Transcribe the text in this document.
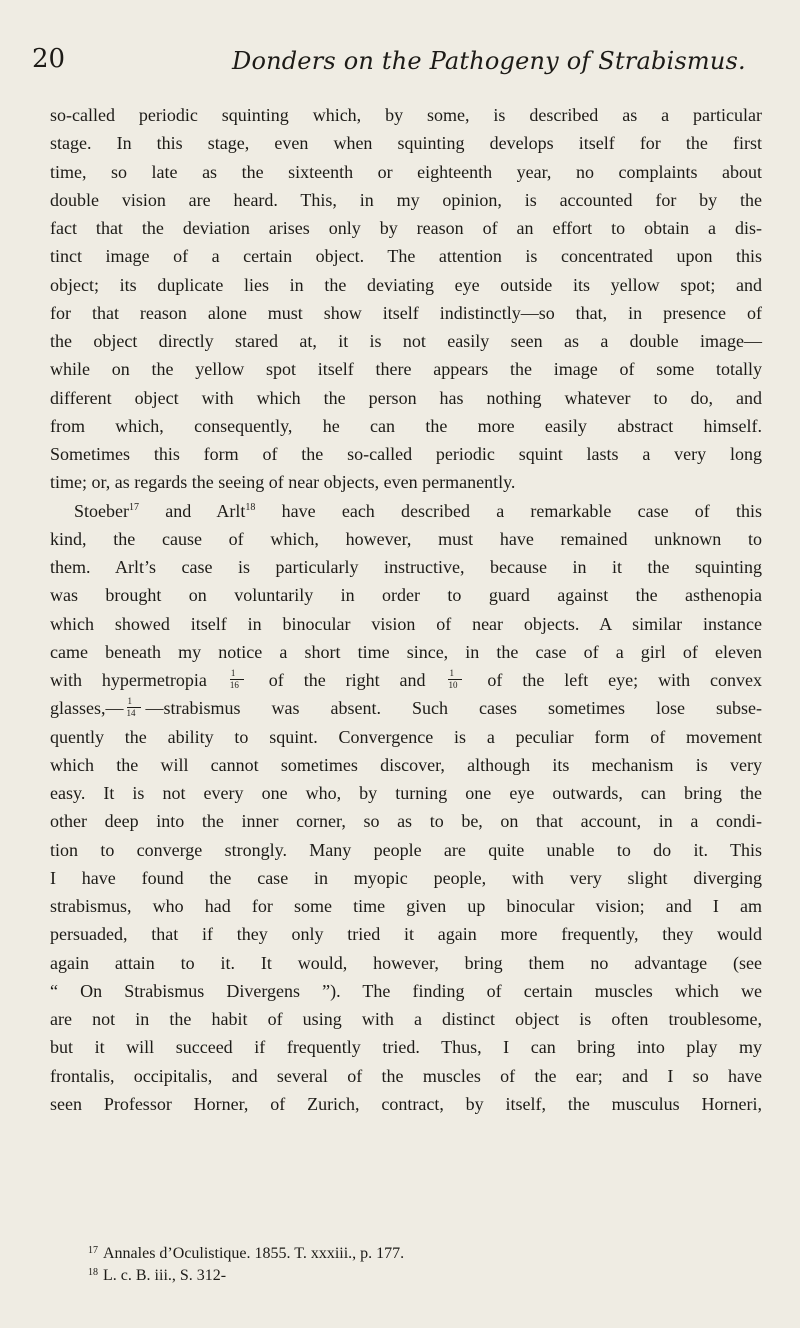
20	Donders on the Pathogeny of Strabismus.
so-called periodic squinting which, by some, is described as a particular
stage. In this stage, even when squinting develops itself for the first
time, so late as the sixteenth or eighteenth year, no complaints about
double vision are heard. This, in my opinion, is accounted for by the
fact that the deviation arises only by reason of an effort to obtain a dis-
tinct image of a certain object. The attention is concentrated upon this
object; its duplicate lies in the deviating eye outside its yellow spot; and
for that reason alone must show itself indistinctly—so that, in presence of
the object directly stared at, it is not easily seen as a double image—
while on the yellow spot itself there appears the image of some totally
different object with which the person has nothing whatever to do, and
from which, consequently, he can the more easily abstract himself.
Sometimes this form of the so-called periodic squint lasts a very long
time; or, as regards the seeing of near objects, even permanently.
Stoeber$^{17}$ and Arlt$^{18}$ have each described a remarkable case of this
kind, the cause of which, however, must have remained unknown to
them. Arlt’s case is particularly instructive, because in it the squinting
was brought on voluntarily in order to guard against the asthenopia
which showed itself in binocular vision of near objects. A similar instance
came beneath my notice a short time since, in the case of a girl of eleven
with hypermetropia	$\frac{1}{16}$ of the right and	$\frac{1}{10}$ of the left eye; with convex
glasses,— $\frac{1}{14}$ —strabismus was absent. Such cases sometimes lose subse-
quently the ability to squint. Convergence is a peculiar form of movement
which the will cannot sometimes discover, although its mechanism is very
easy. It is not every one who, by turning one eye outwards, can bring the
other deep into the inner corner, so as to be, on that account, in a condi-
tion to converge strongly. Many people are quite unable to do it. This
I have found the case in myopic people, with very slight diverging
strabismus, who had for some time given up binocular vision; and I am
persuaded, that if they only tried it again more frequently, they would
again attain to it. It would, however, bring them no advantage (see
“ On Strabismus Divergens ”). The finding of certain muscles which we
are not in the habit of using with a distinct object is often troublesome,
but it will succeed if frequently tried. Thus, I can bring into play my
frontalis, occipitalis, and several of the muscles of the ear; and I so have
seen Professor Horner, of Zurich, contract, by itself, the musculus Horneri,
$^{17}$ Annales d’Oculistique. 1855. T. xxxiii., p. 177.
$^{18}$ L. c. B. iii., S. 312-
